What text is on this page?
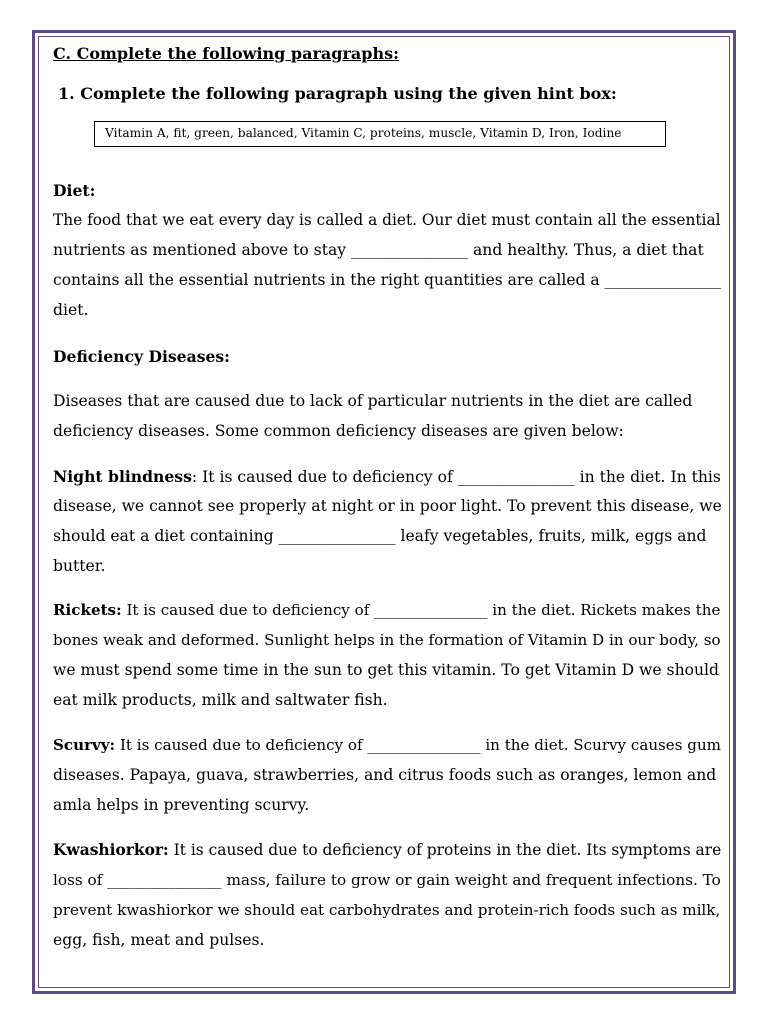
C. Complete the following paragraphs:
1. Complete the following paragraph using the given hint box:
Vitamin A, fit, green, balanced, Vitamin C, proteins, muscle, Vitamin D, Iron, Iodine
Diet:
The food that we eat every day is called a diet. Our diet must contain all the essential
nutrients as mentioned above to stay _______________ and healthy. Thus, a diet that
contains all the essential nutrients in the right quantities are called a _______________
diet.
Deficiency Diseases:
Diseases that are caused due to lack of particular nutrients in the diet are called
deficiency diseases. Some common deficiency diseases are given below:
Night blindness: It is caused due to deficiency of _______________ in the diet. In this
disease, we cannot see properly at night or in poor light. To prevent this disease, we
should eat a diet containing _______________ leafy vegetables, fruits, milk, eggs and
butter.
Rickets: It is caused due to deficiency of _______________ in the diet. Rickets makes the
bones weak and deformed. Sunlight helps in the formation of Vitamin D in our body, so
we must spend some time in the sun to get this vitamin. To get Vitamin D we should
eat milk products, milk and saltwater fish.
Scurvy: It is caused due to deficiency of _______________ in the diet. Scurvy causes gum
diseases. Papaya, guava, strawberries, and citrus foods such as oranges, lemon and
amla helps in preventing scurvy.
Kwashiorkor: It is caused due to deficiency of proteins in the diet. Its symptoms are
loss of _______________ mass, failure to grow or gain weight and frequent infections. To
prevent kwashiorkor we should eat carbohydrates and protein-rich foods such as milk,
egg, fish, meat and pulses.
